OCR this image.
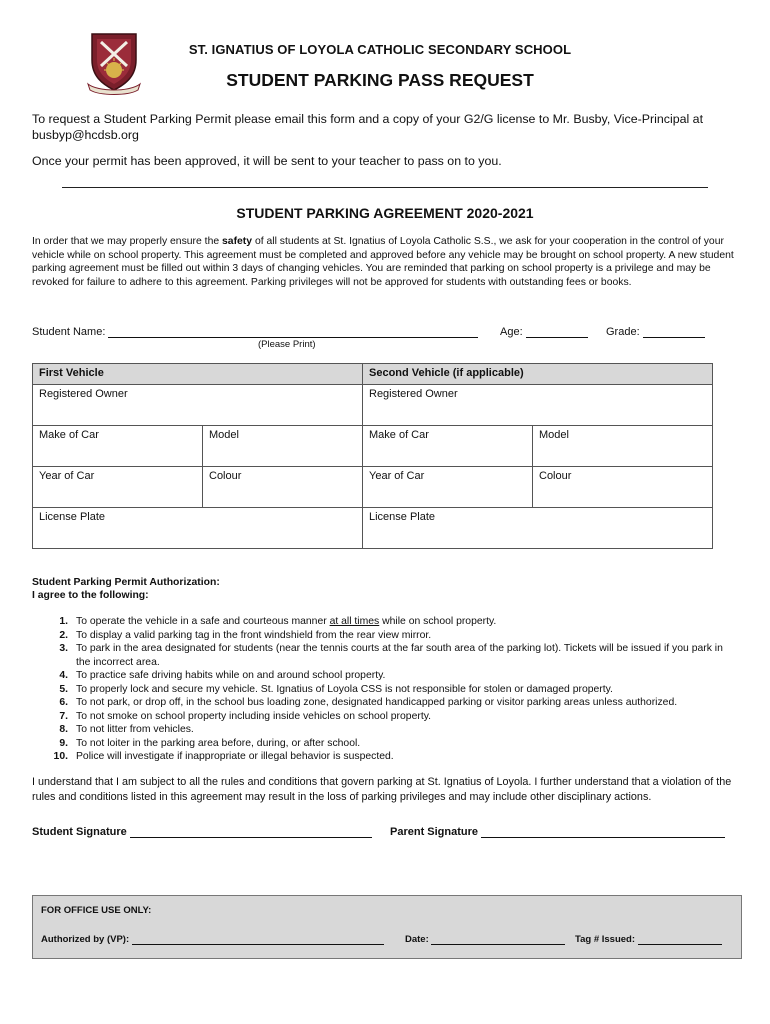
ST. IGNATIUS OF LOYOLA CATHOLIC SECONDARY SCHOOL
STUDENT PARKING PASS REQUEST
To request a Student Parking Permit please email this form and a copy of your G2/G license to Mr. Busby, Vice-Principal at busbyp@hcdsb.org
Once your permit has been approved, it will be sent to your teacher to pass on to you.
STUDENT PARKING AGREEMENT 2020-2021
In order that we may properly ensure the safety of all students at St. Ignatius of Loyola Catholic S.S., we ask for your cooperation in the control of your vehicle while on school property. This agreement must be completed and approved before any vehicle may be brought on school property. A new student parking agreement must be filled out within 3 days of changing vehicles. You are reminded that parking on school property is a privilege and may be revoked for failure to adhere to this agreement. Parking privileges will not be approved for students with outstanding fees or books.
Student Name:
(Please Print)
Age:	Grade:
First Vehicle		Second Vehicle (if applicable)	
Registered Owner		Registered Owner	
Make of Car	Model	Make of Car	Model
Year of Car	Colour	Year of Car	Colour
License Plate		License Plate	
Student Parking Permit Authorization:
I agree to the following:
1. To operate the vehicle in a safe and courteous manner at all times while on school property.
2. To display a valid parking tag in the front windshield from the rear view mirror.
3. To park in the area designated for students (near the tennis courts at the far south area of the parking lot). Tickets will be issued if you park in the incorrect area.
4. To practice safe driving habits while on and around school property.
5. To properly lock and secure my vehicle. St. Ignatius of Loyola CSS is not responsible for stolen or damaged property.
6. To not park, or drop off, in the school bus loading zone, designated handicapped parking or visitor parking areas unless authorized.
7. To not smoke on school property including inside vehicles on school property.
8. To not litter from vehicles.
9. To not loiter in the parking area before, during, or after school.
10. Police will investigate if inappropriate or illegal behavior is suspected.
I understand that I am subject to all the rules and conditions that govern parking at St. Ignatius of Loyola. I further understand that a violation of the rules and conditions listed in this agreement may result in the loss of parking privileges and may include other disciplinary actions.
Student Signature	Parent Signature
FOR OFFICE USE ONLY:
Authorized by (VP):	Date:	Tag # Issued:
